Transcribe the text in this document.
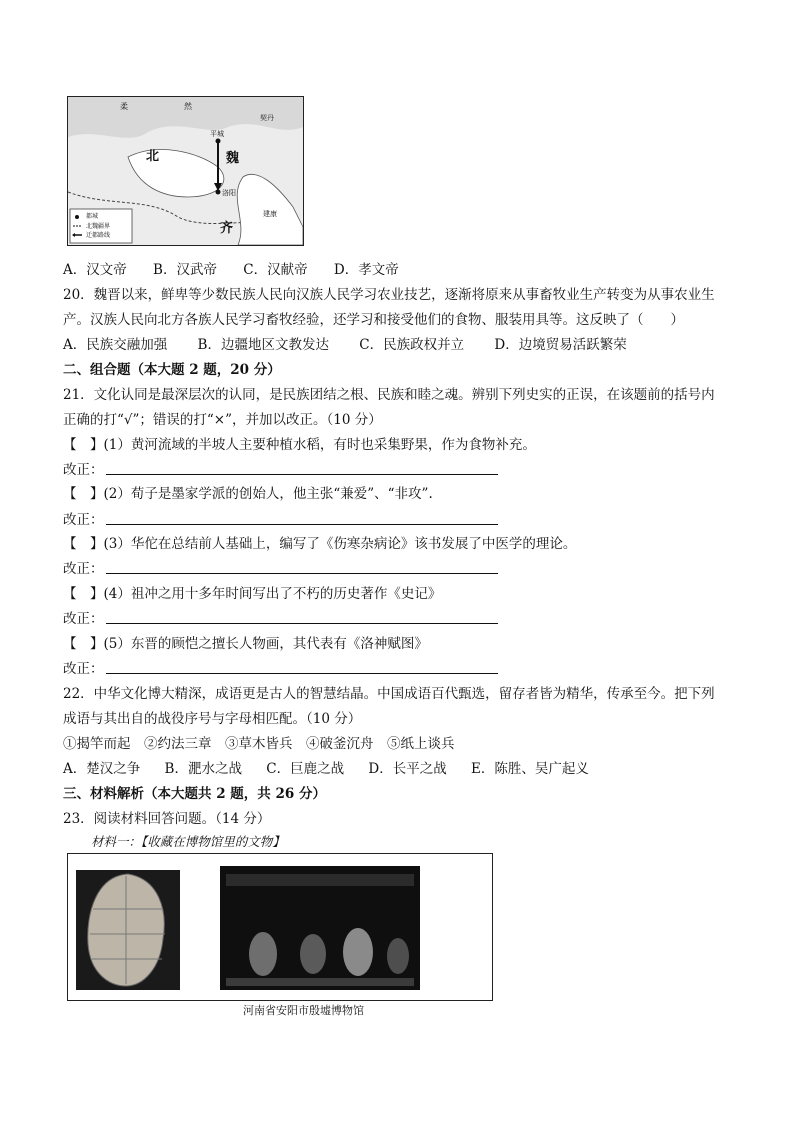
柔	然
北	魏
平城
洛阳
齐
建康
契丹
都城
北魏疆界
迁都路线
A．汉文帝 B．汉武帝 C．汉献帝 D．孝文帝
20．魏晋以来，鲜卑等少数民族人民向汉族人民学习农业技艺，逐渐将原来从事畜牧业生产转变为从事农业生
产。汉族人民向北方各族人民学习畜牧经验，还学习和接受他们的食物、服装用具等。这反映了（　　）
A．民族交融加强 B．边疆地区文教发达 C．民族政权并立 D．边境贸易活跃繁荣
二、组合题（本大题 2 题，20 分）
21．文化认同是最深层次的认同，是民族团结之根、民族和睦之魂。辨别下列史实的正误，在该题前的括号内
正确的打“√”；错误的打“×”，并加以改正。（10 分）
【　】(1）黄河流域的半坡人主要种植水稻，有时也采集野果，作为食物补充。
改正：
【　】(2）荀子是墨家学派的创始人，他主张“兼爱”、“非攻”.
改正：
【　】(3）华佗在总结前人基础上，编写了《伤寒杂病论》该书发展了中医学的理论。
改正：
【　】(4）祖冲之用十多年时间写出了不朽的历史著作《史记》
改正：
【　】(5）东晋的顾恺之擅长人物画，其代表有《洛神赋图》
改正：
22．中华文化博大精深，成语更是古人的智慧结晶。中国成语百代甄选，留存者皆为精华，传承至今。把下列
成语与其出自的战役序号与字母相匹配。（10 分）
①揭竿而起　②约法三章　③草木皆兵　④破釜沉舟　⑤纸上谈兵
A．楚汉之争 B．淝水之战 C．巨鹿之战 D．长平之战 E．陈胜、吴广起义
三、材料解析（本大题共 2 题，共 26 分）
23．阅读材料回答问题。（14 分）
材料一：【收藏在博物馆里的文物】
河南省安阳市殷墟博物馆
